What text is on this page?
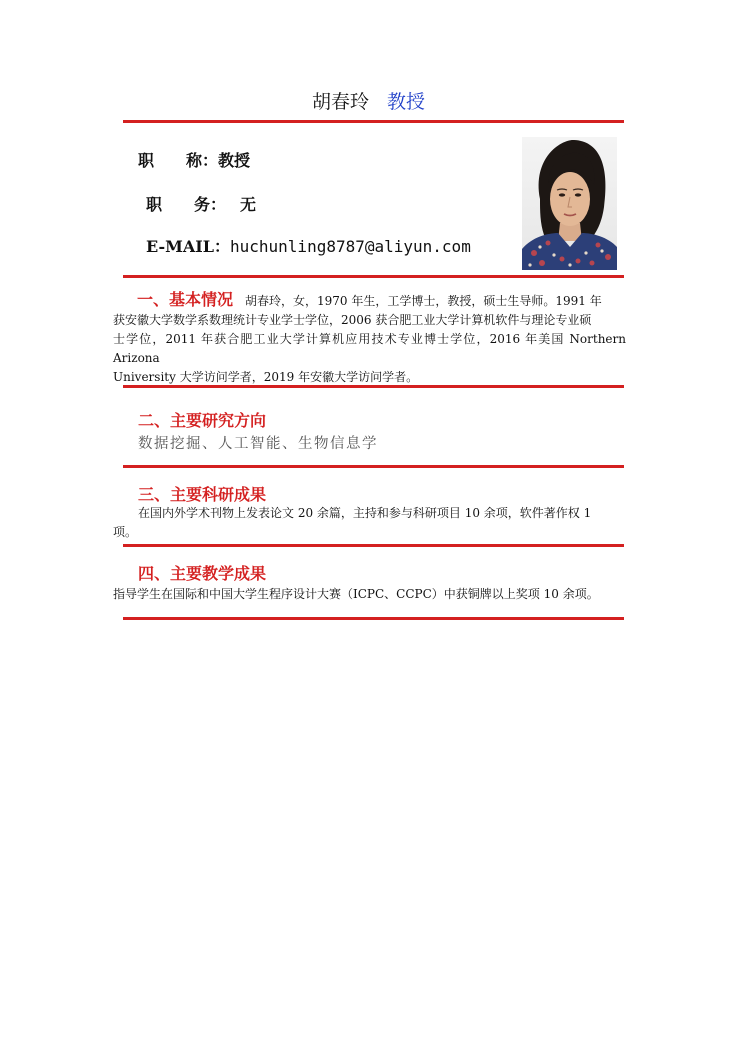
胡春玲 教授
职　　称：教授
职　　务： 无
E-MAIL：huchunling8787@aliyun.com
一、基本情况 胡春玲，女，1970 年生，工学博士，教授，硕士生导师。1991 年
获安徽大学数学系数理统计专业学士学位，2006 获合肥工业大学计算机软件与理论专业硕
士学位，2011 年获合肥工业大学计算机应用技术专业博士学位，2016 年美国 Northern Arizona
University 大学访问学者，2019 年安徽大学访问学者。
二、主要研究方向
数据挖掘、人工智能、生物信息学
三、主要科研成果
在国内外学术刊物上发表论文 20 余篇，主持和参与科研项目 10 余项，软件著作权 1
项。
四、主要教学成果
指导学生在国际和中国大学生程序设计大赛（ICPC、CCPC）中获铜牌以上奖项 10 余项。
